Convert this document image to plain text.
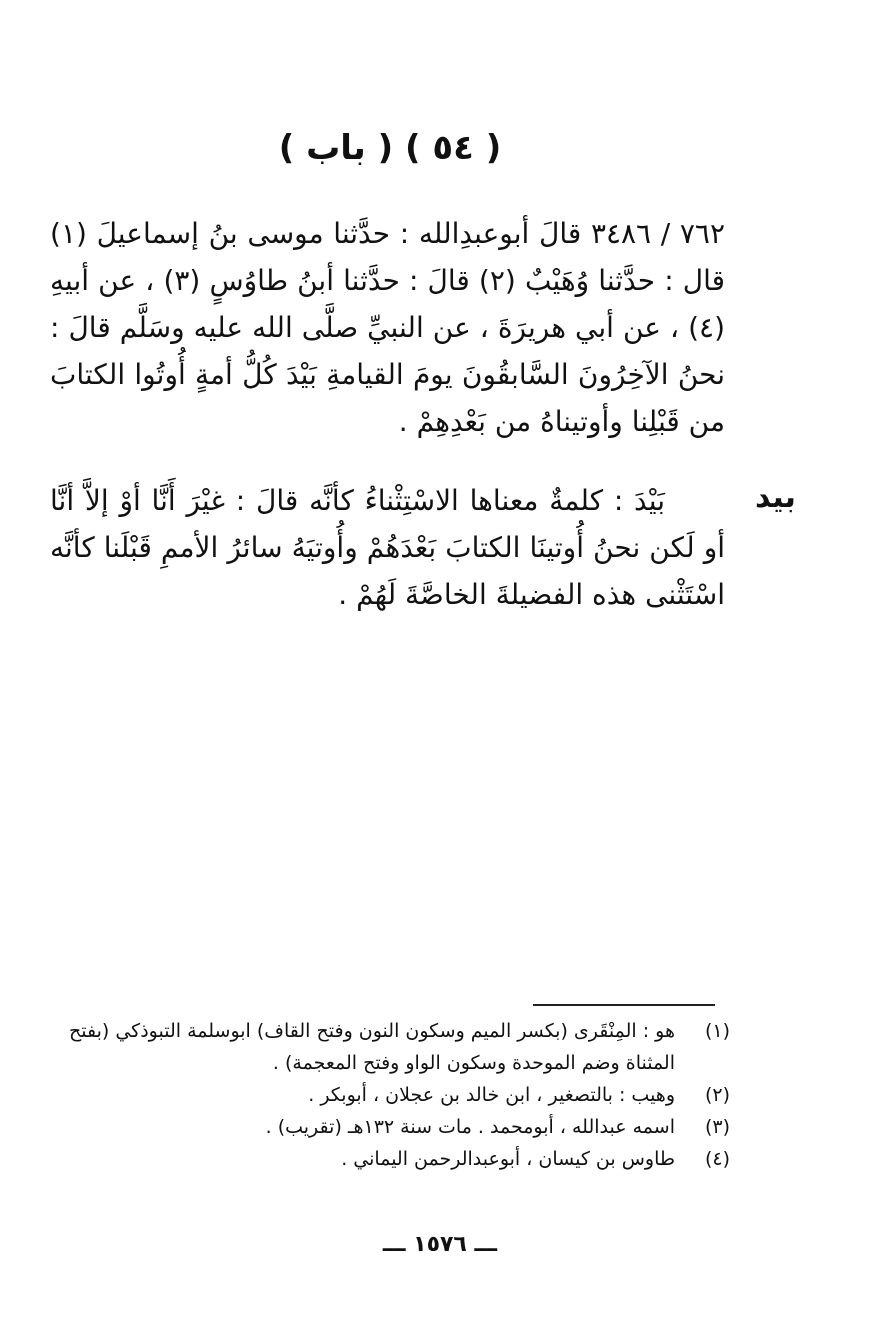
( ٥٤ ) ( باب )
٧٦٢ / ٣٤٨٦ قالَ أبوعبدِالله : حدَّثنا موسى بنُ إسماعيلَ (١) قال : حدَّثنا وُهَيْبٌ (٢) قالَ : حدَّثنا أبنُ طاوُسٍ (٣) ، عن أبيهِ (٤) ، عن أبي هريرَةَ ، عن النبيِّ صلَّى الله عليه وسَلَّم قالَ : نحنُ الآخِرُونَ السَّابقُونَ يومَ القيامةِ بَيْدَ كُلُّ أمةٍ أُوتُوا الكتابَ من قَبْلِنا وأوتيناهُ من بَعْدِهِمْ .
بيد
بَيْدَ : كلمةٌ معناها الاسْتِثْناءُ كأنَّه قالَ : غيْرَ أَنَّا أوْ إلاَّ أنَّا أو لَكن نحنُ أُوتينَا الكتابَ بَعْدَهُمْ وأُوتيَهُ سائرُ الأممِ قَبْلَنا كأنَّه اسْتَثْنى هذه الفضيلةَ الخاصَّةَ لَهُمْ .
(١)
هو : المِنْقَرى (بكسر الميم وسكون النون وفتح القاف) ابوسلمة التبوذكي (بفتح المثناة وضم الموحدة وسكون الواو وفتح المعجمة) .
(٢)
وهيب : بالتصغير ، ابن خالد بن عجلان ، أبوبكر .
(٣)
اسمه عبدالله ، أبومحمد . مات سنة ١٣٢هـ (تقريب) .
(٤)
طاوس بن كيسان ، أبوعبدالرحمن اليماني .
ـــ ١٥٧٦ ـــ
